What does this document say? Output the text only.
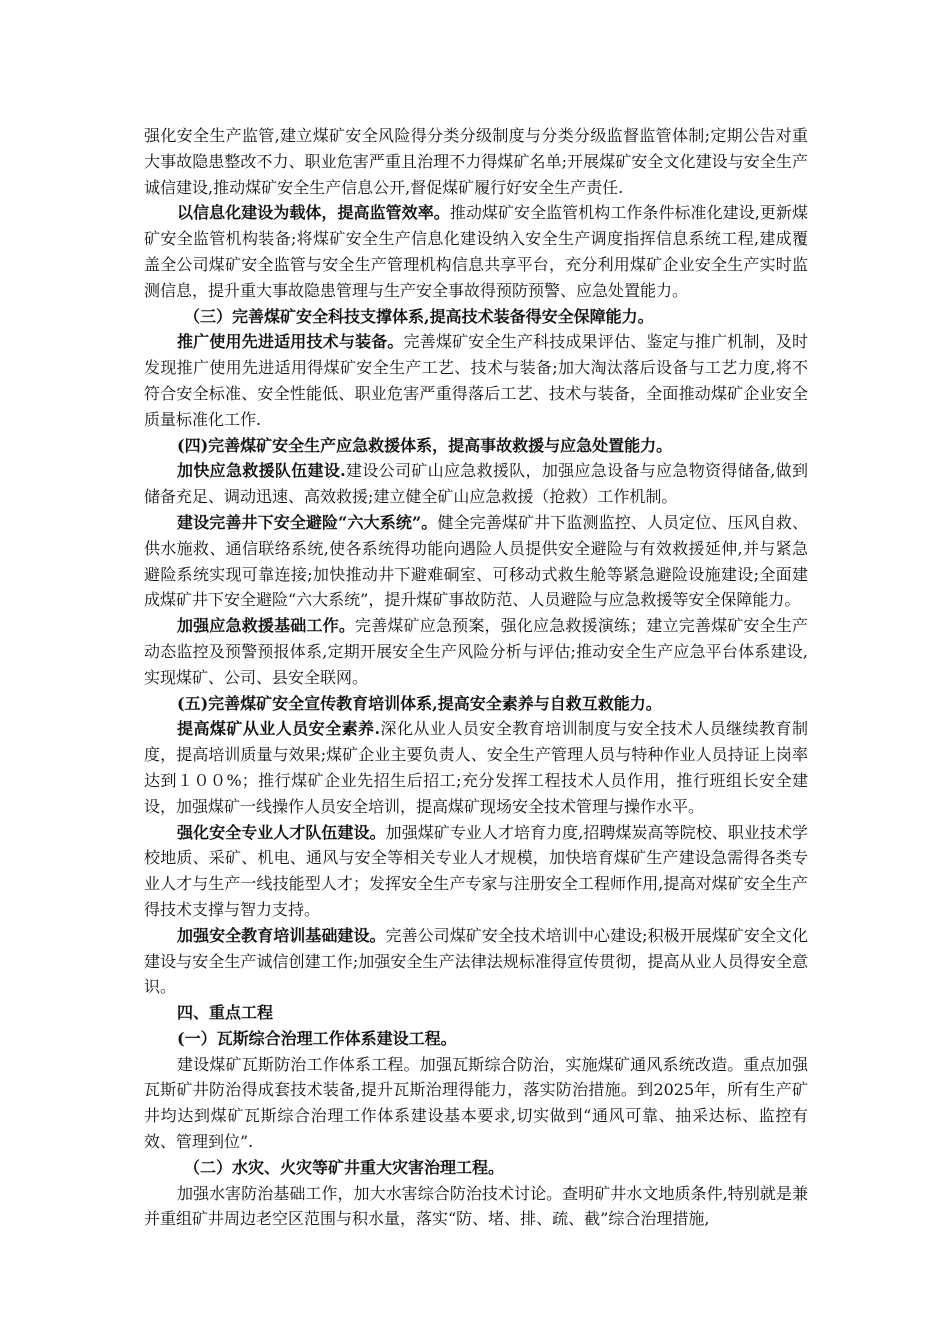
强化安全生产监管,建立煤矿安全风险得分类分级制度与分类分级监督监管体制;定期公告对重大事故隐患整改不力、职业危害严重且治理不力得煤矿名单;开展煤矿安全文化建设与安全生产诚信建设,推动煤矿安全生产信息公开,督促煤矿履行好安全生产责任.

以信息化建设为载体，提高监管效率。推动煤矿安全监管机构工作条件标准化建设,更新煤矿安全监管机构装备;将煤矿安全生产信息化建设纳入安全生产调度指挥信息系统工程,建成覆盖全公司煤矿安全监管与安全生产管理机构信息共享平台，充分利用煤矿企业安全生产实时监测信息，提升重大事故隐患管理与生产安全事故得预防预警、应急处置能力。

（三）完善煤矿安全科技支撑体系,提高技术装备得安全保障能力。

推广使用先进适用技术与装备。完善煤矿安全生产科技成果评估、鉴定与推广机制，及时发现推广使用先进适用得煤矿安全生产工艺、技术与装备;加大淘汰落后设备与工艺力度,将不符合安全标准、安全性能低、职业危害严重得落后工艺、技术与装备，全面推动煤矿企业安全质量标准化工作.

(四)完善煤矿安全生产应急救援体系，提高事故救援与应急处置能力。

加快应急救援队伍建设.建设公司矿山应急救援队，加强应急设备与应急物资得储备,做到储备充足、调动迅速、高效救援;建立健全矿山应急救援（抢救）工作机制。

建设完善井下安全避险“六大系统”。健全完善煤矿井下监测监控、人员定位、压风自救、供水施救、通信联络系统,使各系统得功能向遇险人员提供安全避险与有效救援延伸,并与紧急避险系统实现可靠连接;加快推动井下避难硐室、可移动式救生舱等紧急避险设施建设;全面建成煤矿井下安全避险“六大系统”，提升煤矿事故防范、人员避险与应急救援等安全保障能力。

加强应急救援基础工作。完善煤矿应急预案，强化应急救援演练；建立完善煤矿安全生产动态监控及预警预报体系,定期开展安全生产风险分析与评估;推动安全生产应急平台体系建设,实现煤矿、公司、县安全联网。

(五)完善煤矿安全宣传教育培训体系,提高安全素养与自救互救能力。

提高煤矿从业人员安全素养.深化从业人员安全教育培训制度与安全技术人员继续教育制度，提高培训质量与效果;煤矿企业主要负责人、安全生产管理人员与特种作业人员持证上岗率达到１００%；推行煤矿企业先招生后招工;充分发挥工程技术人员作用，推行班组长安全建设，加强煤矿一线操作人员安全培训，提高煤矿现场安全技术管理与操作水平。

强化安全专业人才队伍建设。加强煤矿专业人才培育力度,招聘煤炭高等院校、职业技术学校地质、采矿、机电、通风与安全等相关专业人才规模，加快培育煤矿生产建设急需得各类专业人才与生产一线技能型人才；发挥安全生产专家与注册安全工程师作用,提高对煤矿安全生产得技术支撑与智力支持。

加强安全教育培训基础建设。完善公司煤矿安全技术培训中心建设;积极开展煤矿安全文化建设与安全生产诚信创建工作;加强安全生产法律法规标准得宣传贯彻，提高从业人员得安全意识。

四、重点工程

(一）瓦斯综合治理工作体系建设工程。

建设煤矿瓦斯防治工作体系工程。加强瓦斯综合防治，实施煤矿通风系统改造。重点加强瓦斯矿井防治得成套技术装备,提升瓦斯治理得能力，落实防治措施。到2025年，所有生产矿井均达到煤矿瓦斯综合治理工作体系建设基本要求,切实做到“通风可靠、抽采达标、监控有效、管理到位”.

（二）水灾、火灾等矿井重大灾害治理工程。

加强水害防治基础工作，加大水害综合防治技术讨论。查明矿井水文地质条件,特别就是兼并重组矿井周边老空区范围与积水量，落实“防、堵、排、疏、截”综合治理措施,
